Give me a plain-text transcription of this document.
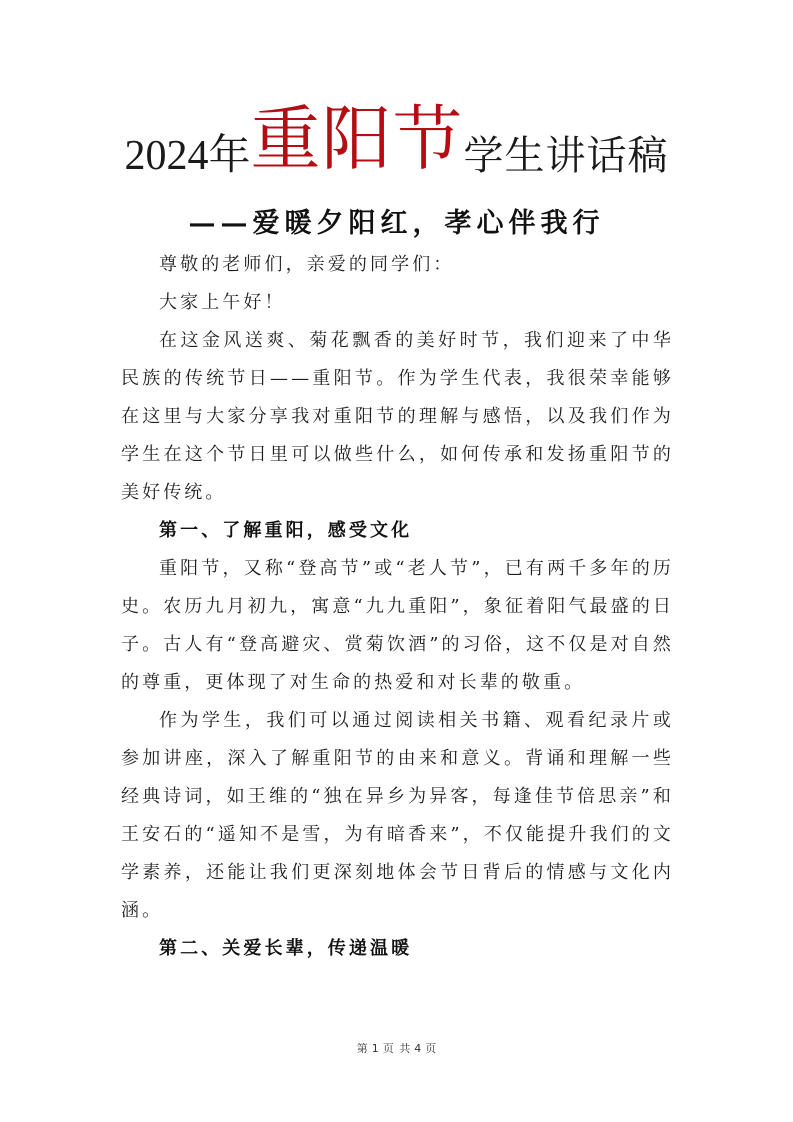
2024年重阳节学生讲话稿
——爱暖夕阳红，孝心伴我行

尊敬的老师们，亲爱的同学们：

大家上午好！

在这金风送爽、菊花飘香的美好时节，我们迎来了中华民族的传统节日——重阳节。作为学生代表，我很荣幸能够在这里与大家分享我对重阳节的理解与感悟，以及我们作为学生在这个节日里可以做些什么，如何传承和发扬重阳节的美好传统。

第一、了解重阳，感受文化

重阳节，又称“登高节”或“老人节”，已有两千多年的历史。农历九月初九，寓意“九九重阳”，象征着阳气最盛的日子。古人有“登高避灾、赏菊饮酒”的习俗，这不仅是对自然的尊重，更体现了对生命的热爱和对长辈的敬重。

作为学生，我们可以通过阅读相关书籍、观看纪录片或参加讲座，深入了解重阳节的由来和意义。背诵和理解一些经典诗词，如王维的“独在异乡为异客，每逢佳节倍思亲”和王安石的“遥知不是雪，为有暗香来”，不仅能提升我们的文学素养，还能让我们更深刻地体会节日背后的情感与文化内涵。

第二、关爱长辈，传递温暖

第 1 页 共 4 页
